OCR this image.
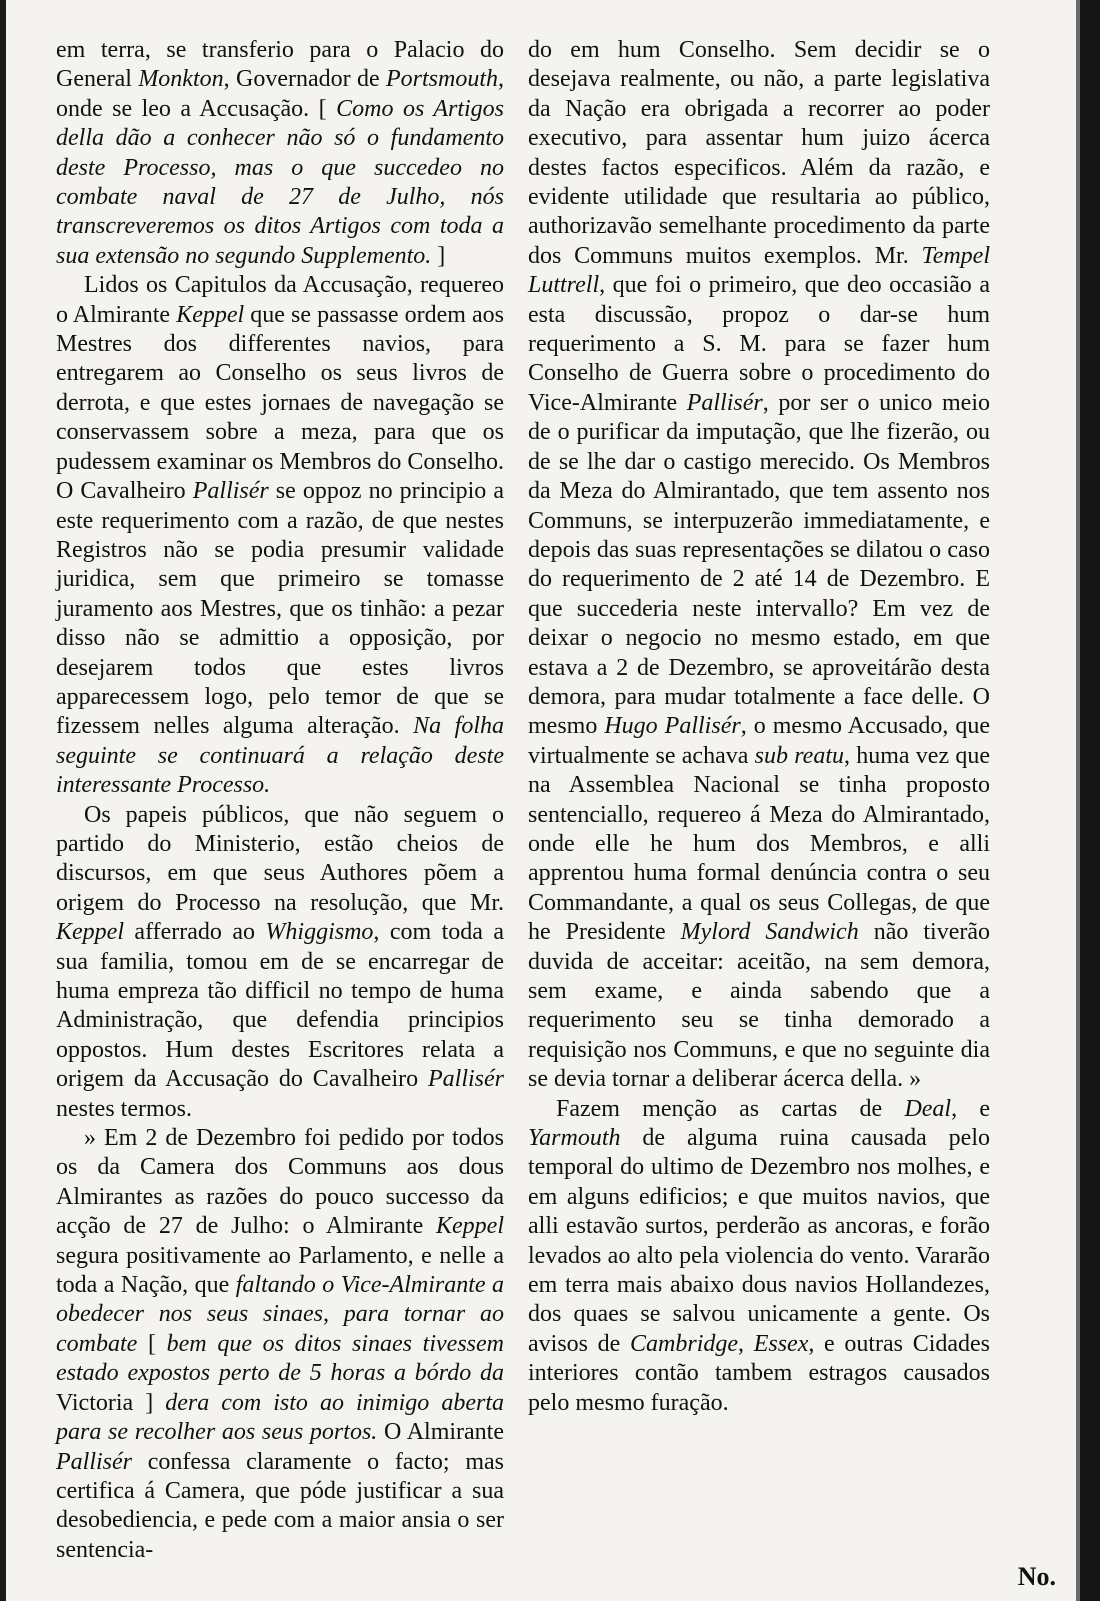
em terra, se transferio para o Palacio do General Monkton, Governador de Portsmouth, onde se leo a Accusação. [ Como os Artigos della dão a conhecer não só o fundamento deste Processo, mas o que succedeo no combate naval de 27 de Julho, nós transcreveremos os ditos Artigos com toda a sua extensão no segundo Supplemento. ]

Lidos os Capitulos da Accusação, requereo o Almirante Keppel que se passasse ordem aos Mestres dos differentes navios, para entregarem ao Conselho os seus livros de derrota, e que estes jornaes de navegação se conservassem sobre a meza, para que os pudessem examinar os Membros do Conselho. O Cavalheiro Pallisér se oppoz no principio a este requerimento com a razão, de que nestes Registros não se podia presumir validade juridica, sem que primeiro se tomasse juramento aos Mestres, que os tinhão: a pezar disso não se admittio a opposição, por desejarem todos que estes livros apparecessem logo, pelo temor de que se fizessem nelles alguma alteração. Na folha seguinte se continuará a relação deste interessante Processo.

Os papeis públicos, que não seguem o partido do Ministerio, estão cheios de discursos, em que seus Authores põem a origem do Processo na resolução, que Mr. Keppel afferrado ao Whiggismo, com toda a sua familia, tomou em de se encarregar de huma empreza tão difficil no tempo de huma Administração, que defendia principios oppostos. Hum destes Escritores relata a origem da Accusação do Cavalheiro Pallisér nestes termos.

» Em 2 de Dezembro foi pedido por todos os da Camera dos Communs aos dous Almirantes as razões do pouco successo da acção de 27 de Julho: o Almirante Keppel segura positivamente ao Parlamento, e nelle a toda a Nação, que faltando o Vice-Almirante a obedecer nos seus sinaes, para tornar ao combate [ bem que os ditos sinaes tivessem estado expostos perto de 5 horas a bórdo da Victoria ] dera com isto ao inimigo aberta para se recolher aos seus portos. O Almirante Pallisér confessa claramente o facto; mas certifica á Camera, que póde justificar a sua desobediencia, e pede com a maior ansia o ser sentencia-

do em hum Conselho. Sem decidir se o desejava realmente, ou não, a parte legislativa da Nação era obrigada a recorrer ao poder executivo, para assentar hum juizo ácerca destes factos especificos. Além da razão, e evidente utilidade que resultaria ao público, authorizavão semelhante procedimento da parte dos Communs muitos exemplos. Mr. Tempel Luttrell, que foi o primeiro, que deo occasião a esta discussão, propoz o dar-se hum requerimento a S. M. para se fazer hum Conselho de Guerra sobre o procedimento do Vice-Almirante Pallisér, por ser o unico meio de o purificar da imputação, que lhe fizerão, ou de se lhe dar o castigo merecido. Os Membros da Meza do Almirantado, que tem assento nos Communs, se interpuzerão immediatamente, e depois das suas representações se dilatou o caso do requerimento de 2 até 14 de Dezembro. E que succederia neste intervallo? Em vez de deixar o negocio no mesmo estado, em que estava a 2 de Dezembro, se aproveitárão desta demora, para mudar totalmente a face delle. O mesmo Hugo Pallisér, o mesmo Accusado, que virtualmente se achava sub reatu, huma vez que na Assemblea Nacional se tinha proposto sentenciallo, requereo á Meza do Almirantado, onde elle he hum dos Membros, e alli apprentou huma formal denúncia contra o seu Commandante, a qual os seus Collegas, de que he Presidente Mylord Sandwich não tiverão duvida de acceitar: aceitão, na sem demora, sem exame, e ainda sabendo que a requerimento seu se tinha demorado a requisição nos Communs, e que no seguinte dia se devia tornar a deliberar ácerca della. »

Fazem menção as cartas de Deal, e Yarmouth de alguma ruina causada pelo temporal do ultimo de Dezembro nos molhes, e em alguns edificios; e que muitos navios, que alli estavão surtos, perderão as ancoras, e forão levados ao alto pela violencia do vento. Vararão em terra mais abaixo dous navios Hollandezes, dos quaes se salvou unicamente a gente. Os avisos de Cambridge, Essex, e outras Cidades interiores contão tambem estragos causados pelo mesmo furação.

No.
